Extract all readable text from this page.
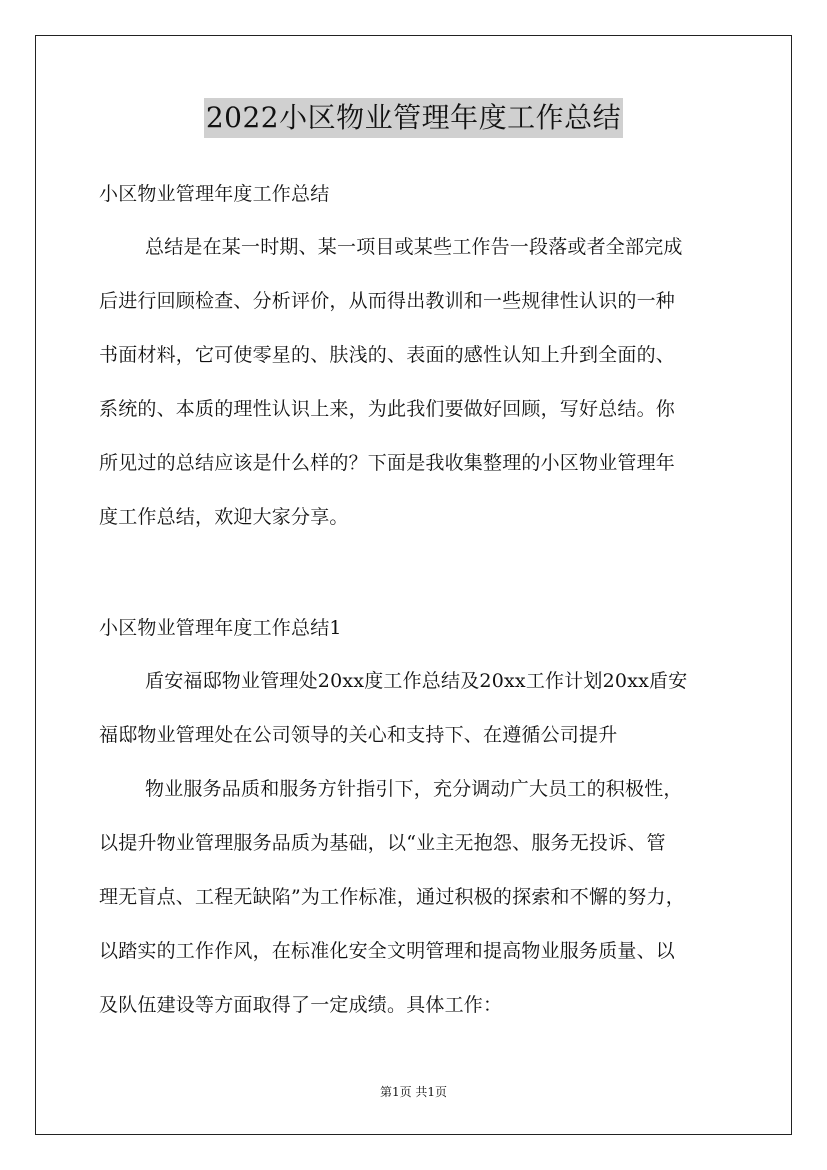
2022小区物业管理年度工作总结
小区物业管理年度工作总结
总结是在某一时期、某一项目或某些工作告一段落或者全部完成
后进行回顾检查、分析评价，从而得出教训和一些规律性认识的一种
书面材料，它可使零星的、肤浅的、表面的感性认知上升到全面的、
系统的、本质的理性认识上来，为此我们要做好回顾，写好总结。你
所见过的总结应该是什么样的？下面是我收集整理的小区物业管理年
度工作总结，欢迎大家分享。
小区物业管理年度工作总结1
盾安福邸物业管理处20xx度工作总结及20xx工作计划20xx盾安
福邸物业管理处在公司领导的关心和支持下、在遵循公司提升
物业服务品质和服务方针指引下，充分调动广大员工的积极性，
以提升物业管理服务品质为基础，以“业主无抱怨、服务无投诉、管
理无盲点、工程无缺陷”为工作标准，通过积极的探索和不懈的努力，
以踏实的工作作风，在标准化安全文明管理和提高物业服务质量、以
及队伍建设等方面取得了一定成绩。具体工作：
第1页 共1页
